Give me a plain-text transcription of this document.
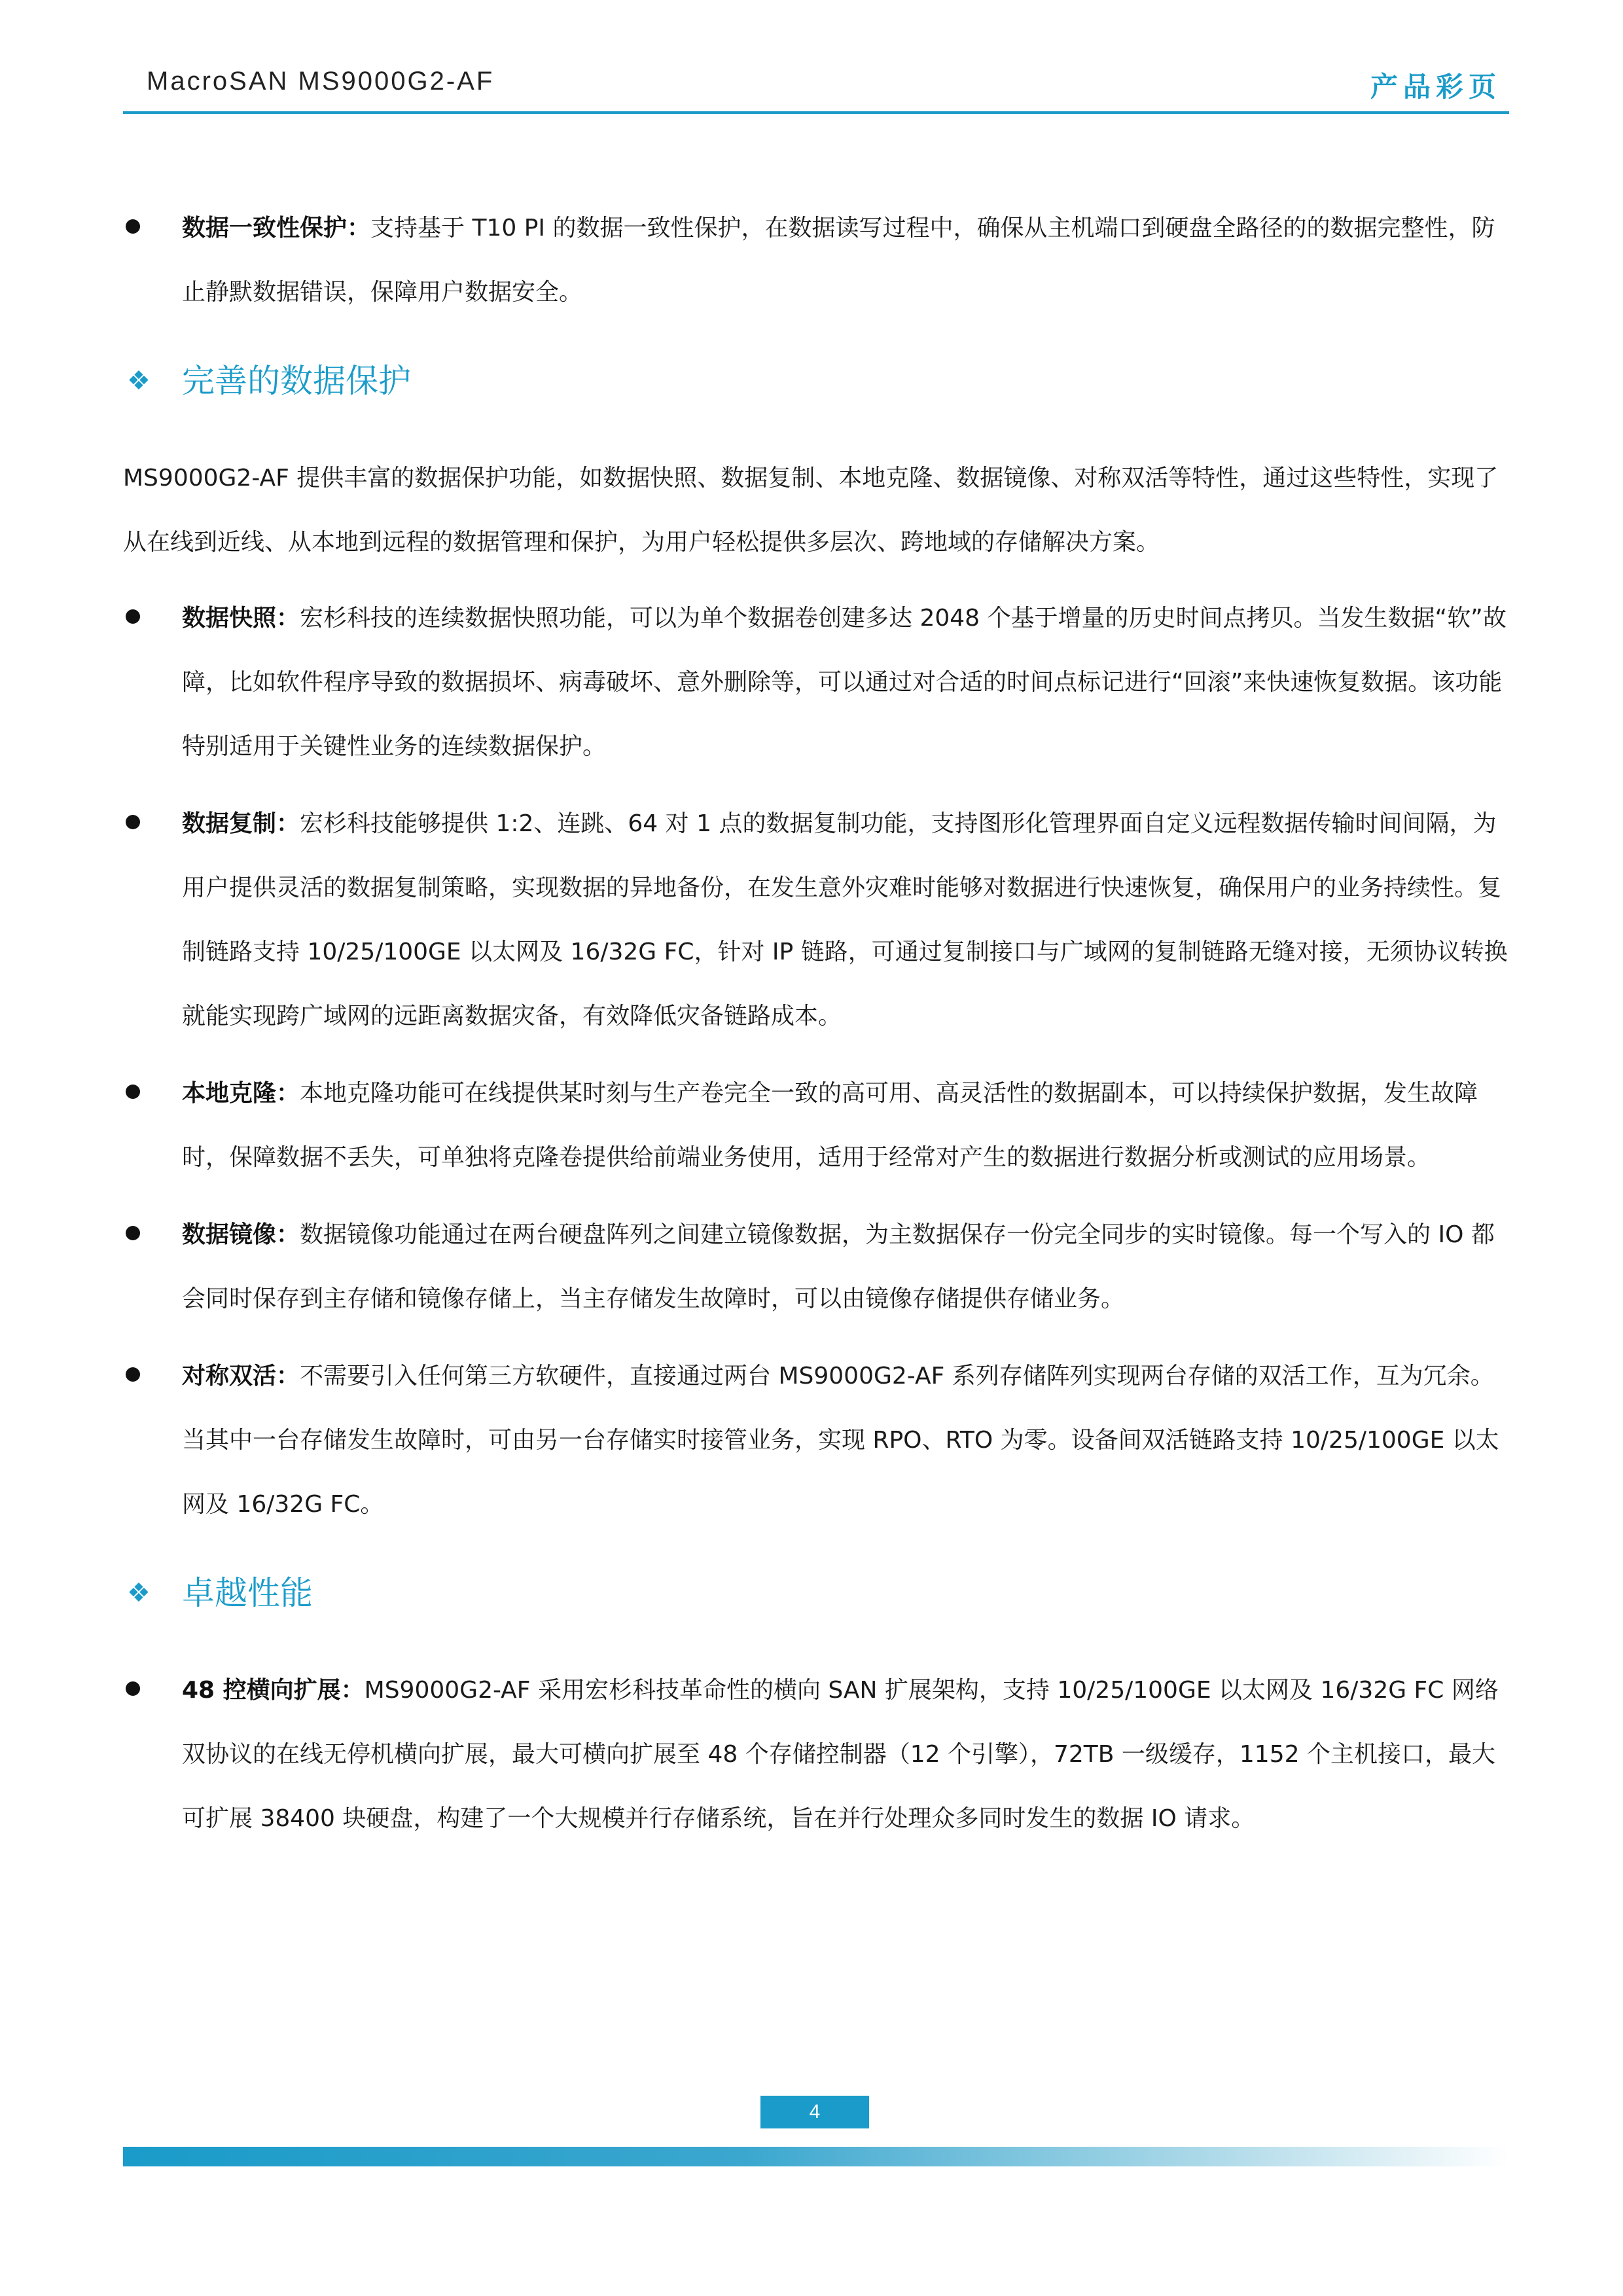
MacroSAN MS9000G2-AF	产品彩页
数据一致性保护：支持基于 T10 PI 的数据一致性保护，在数据读写过程中，确保从主机端口到硬盘全路径的的数据完整性，防止静默数据错误，保障用户数据安全。
❖ 完善的数据保护
MS9000G2-AF 提供丰富的数据保护功能，如数据快照、数据复制、本地克隆、数据镜像、对称双活等特性，通过这些特性，实现了从在线到近线、从本地到远程的数据管理和保护，为用户轻松提供多层次、跨地域的存储解决方案。
数据快照：宏杉科技的连续数据快照功能，可以为单个数据卷创建多达 2048 个基于增量的历史时间点拷贝。当发生数据“软”故障，比如软件程序导致的数据损坏、病毒破坏、意外删除等，可以通过对合适的时间点标记进行“回滚”来快速恢复数据。该功能特别适用于关键性业务的连续数据保护。
数据复制：宏杉科技能够提供 1:2、连跳、64 对 1 点的数据复制功能，支持图形化管理界面自定义远程数据传输时间间隔，为用户提供灵活的数据复制策略，实现数据的异地备份，在发生意外灾难时能够对数据进行快速恢复，确保用户的业务持续性。复制链路支持 10/25/100GE 以太网及 16/32G FC，针对 IP 链路，可通过复制接口与广域网的复制链路无缝对接，无须协议转换就能实现跨广域网的远距离数据灾备，有效降低灾备链路成本。
本地克隆：本地克隆功能可在线提供某时刻与生产卷完全一致的高可用、高灵活性的数据副本，可以持续保护数据，发生故障时，保障数据不丢失，可单独将克隆卷提供给前端业务使用，适用于经常对产生的数据进行数据分析或测试的应用场景。
数据镜像：数据镜像功能通过在两台硬盘阵列之间建立镜像数据，为主数据保存一份完全同步的实时镜像。每一个写入的 IO 都会同时保存到主存储和镜像存储上，当主存储发生故障时，可以由镜像存储提供存储业务。
对称双活：不需要引入任何第三方软硬件，直接通过两台 MS9000G2-AF 系列存储阵列实现两台存储的双活工作，互为冗余。当其中一台存储发生故障时，可由另一台存储实时接管业务，实现 RPO、RTO 为零。设备间双活链路支持 10/25/100GE 以太网及 16/32G FC。
❖ 卓越性能
48 控横向扩展：MS9000G2-AF 采用宏杉科技革命性的横向 SAN 扩展架构，支持 10/25/100GE 以太网及 16/32G FC 网络双协议的在线无停机横向扩展，最大可横向扩展至 48 个存储控制器（12 个引擎），72TB 一级缓存，1152 个主机接口，最大可扩展 38400 块硬盘，构建了一个大规模并行存储系统，旨在并行处理众多同时发生的数据 IO 请求。
4
